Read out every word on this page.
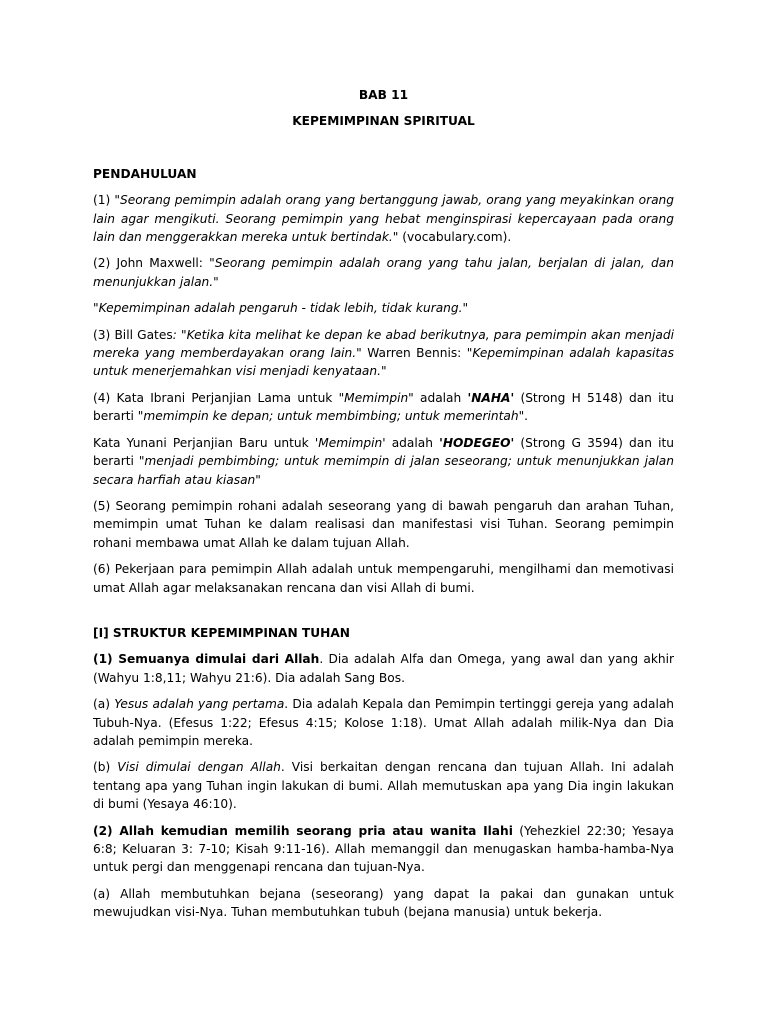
BAB 11
KEPEMIMPINAN SPIRITUAL
PENDAHULUAN

(1) "Seorang pemimpin adalah orang yang bertanggung jawab, orang yang meyakinkan orang lain agar mengikuti. Seorang pemimpin yang hebat menginspirasi kepercayaan pada orang lain dan menggerakkan mereka untuk bertindak." (vocabulary.com).

(2) John Maxwell: "Seorang pemimpin adalah orang yang tahu jalan, berjalan di jalan, dan menunjukkan jalan."

"Kepemimpinan adalah pengaruh - tidak lebih, tidak kurang."

(3) Bill Gates: "Ketika kita melihat ke depan ke abad berikutnya, para pemimpin akan menjadi mereka yang memberdayakan orang lain." Warren Bennis: "Kepemimpinan adalah kapasitas untuk menerjemahkan visi menjadi kenyataan."

(4) Kata Ibrani Perjanjian Lama untuk "Memimpin" adalah 'NAHA' (Strong H 5148) dan itu berarti "memimpin ke depan; untuk membimbing; untuk memerintah".

Kata Yunani Perjanjian Baru untuk 'Memimpin' adalah 'HODEGEO' (Strong G 3594) dan itu berarti "menjadi pembimbing; untuk memimpin di jalan seseorang; untuk menunjukkan jalan secara harfiah atau kiasan"

(5) Seorang pemimpin rohani adalah seseorang yang di bawah pengaruh dan arahan Tuhan, memimpin umat Tuhan ke dalam realisasi dan manifestasi visi Tuhan. Seorang pemimpin rohani membawa umat Allah ke dalam tujuan Allah.

(6) Pekerjaan para pemimpin Allah adalah untuk mempengaruhi, mengilhami dan memotivasi umat Allah agar melaksanakan rencana dan visi Allah di bumi.

[I] STRUKTUR KEPEMIMPINAN TUHAN

(1) Semuanya dimulai dari Allah. Dia adalah Alfa dan Omega, yang awal dan yang akhir (Wahyu 1:8,11; Wahyu 21:6). Dia adalah Sang Bos.

(a) Yesus adalah yang pertama. Dia adalah Kepala dan Pemimpin tertinggi gereja yang adalah Tubuh-Nya. (Efesus 1:22; Efesus 4:15; Kolose 1:18). Umat Allah adalah milik-Nya dan Dia adalah pemimpin mereka.

(b) Visi dimulai dengan Allah. Visi berkaitan dengan rencana dan tujuan Allah. Ini adalah tentang apa yang Tuhan ingin lakukan di bumi. Allah memutuskan apa yang Dia ingin lakukan di bumi (Yesaya 46:10).

(2) Allah kemudian memilih seorang pria atau wanita Ilahi (Yehezkiel 22:30; Yesaya 6:8; Keluaran 3: 7-10; Kisah 9:11-16). Allah memanggil dan menugaskan hamba-hamba-Nya untuk pergi dan menggenapi rencana dan tujuan-Nya.

(a) Allah membutuhkan bejana (seseorang) yang dapat Ia pakai dan gunakan untuk mewujudkan visi-Nya. Tuhan membutuhkan tubuh (bejana manusia) untuk bekerja.
